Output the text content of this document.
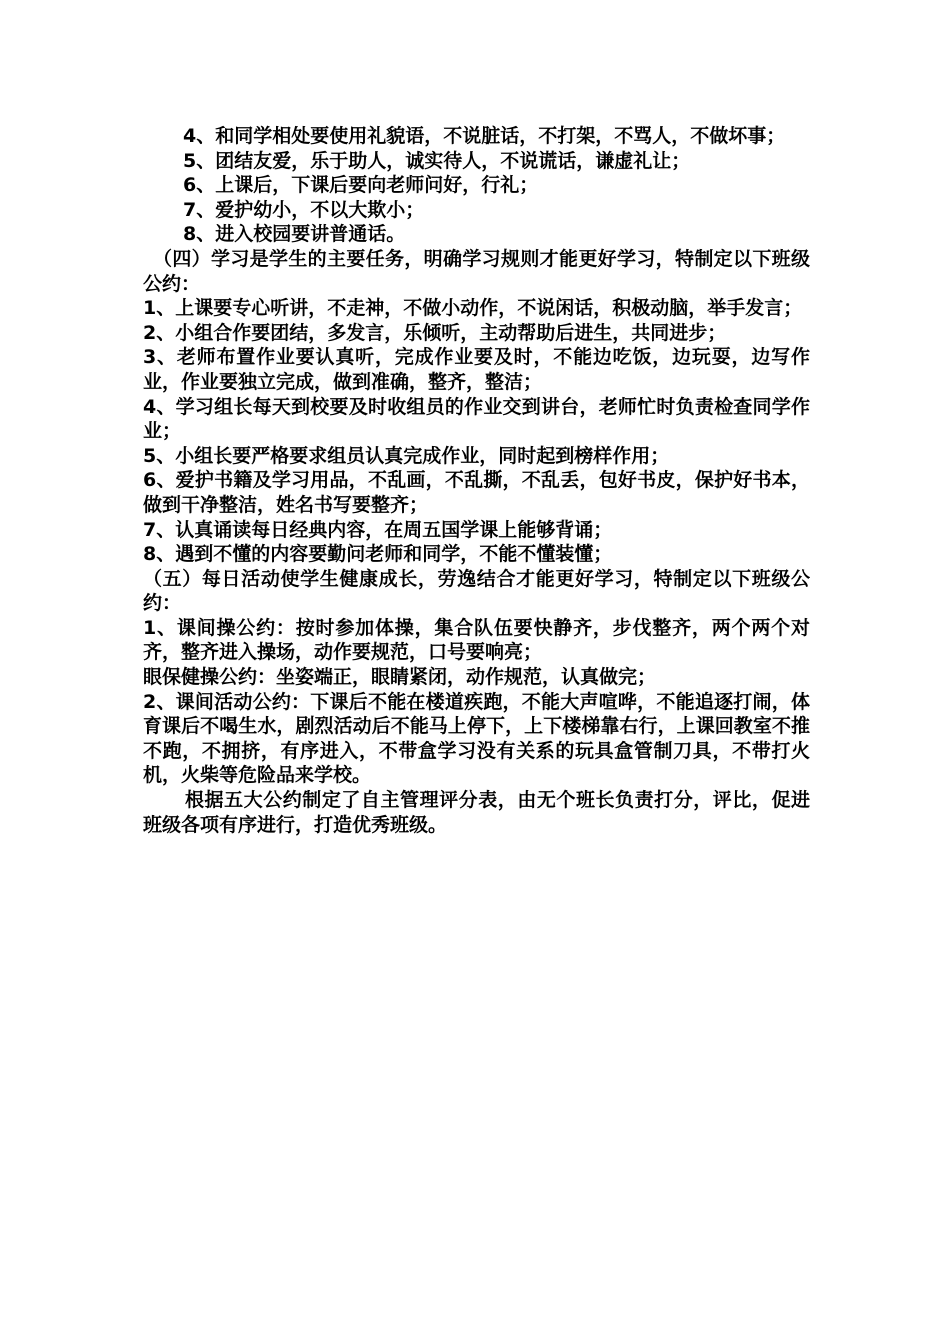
4、和同学相处要使用礼貌语，不说脏话，不打架，不骂人，不做坏事；

5、团结友爱，乐于助人，诚实待人，不说谎话，谦虚礼让；

6、上课后，下课后要向老师问好，行礼；

7、爱护幼小，不以大欺小；

8、进入校园要讲普通话。

（四）学习是学生的主要任务，明确学习规则才能更好学习，特制定以下班级公约：

1、上课要专心听讲，不走神，不做小动作，不说闲话，积极动脑，举手发言；

2、小组合作要团结，多发言，乐倾听，主动帮助后进生，共同进步；

3、老师布置作业要认真听，完成作业要及时，不能边吃饭，边玩耍，边写作业，作业要独立完成，做到准确，整齐，整洁；

4、学习组长每天到校要及时收组员的作业交到讲台，老师忙时负责检查同学作业；

5、小组长要严格要求组员认真完成作业，同时起到榜样作用；

6、爱护书籍及学习用品，不乱画，不乱撕，不乱丢，包好书皮，保护好书本，做到干净整洁，姓名书写要整齐；

7、认真诵读每日经典内容，在周五国学课上能够背诵；

8、遇到不懂的内容要勤问老师和同学，不能不懂装懂；

（五）每日活动使学生健康成长，劳逸结合才能更好学习，特制定以下班级公约：

1、课间操公约：按时参加体操，集合队伍要快静齐，步伐整齐，两个两个对齐，整齐进入操场，动作要规范，口号要响亮；

眼保健操公约：坐姿端正，眼睛紧闭，动作规范，认真做完；

2、课间活动公约：下课后不能在楼道疾跑，不能大声喧哗，不能追逐打闹，体育课后不喝生水，剧烈活动后不能马上停下，上下楼梯靠右行，上课回教室不推不跑，不拥挤，有序进入，不带盒学习没有关系的玩具盒管制刀具，不带打火机，火柴等危险品来学校。

根据五大公约制定了自主管理评分表，由无个班长负责打分，评比，促进班级各项有序进行，打造优秀班级。
